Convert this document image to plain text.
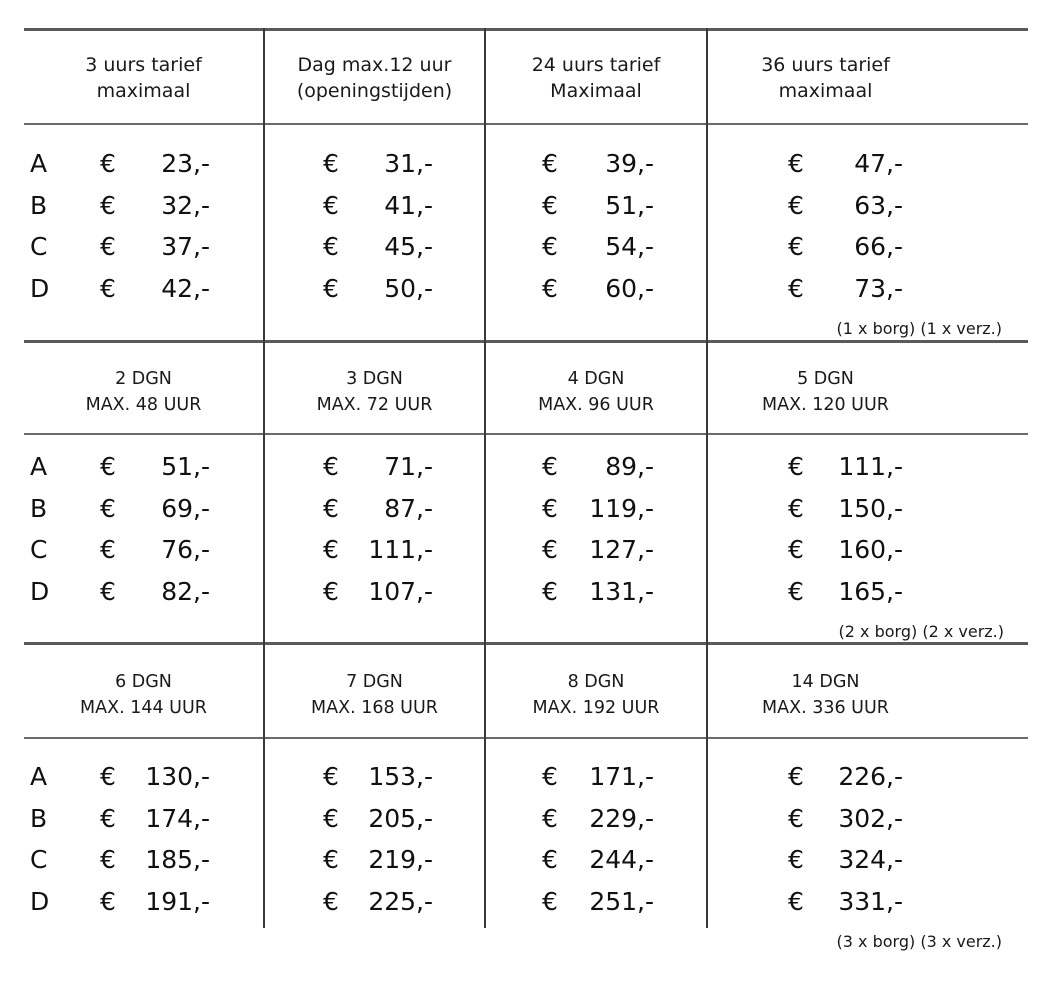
3 uurs tarief
maximaal
Dag max.12 uur
(openingstijden)
24 uurs tarief
Maximaal
36 uurs tarief
maximaal
A
B
C
D
€ 23,-
€ 32,-
€ 37,-
€ 42,-
€ 31,-
€ 41,-
€ 45,-
€ 50,-
€ 39,-
€ 51,-
€ 54,-
€ 60,-
€ 47,-
€ 63,-
€ 66,-
€ 73,-
(1 x borg) (1 x verz.)
2 DGN
MAX. 48 UUR
3 DGN
MAX. 72 UUR
4 DGN
MAX. 96 UUR
5 DGN
MAX. 120 UUR
A
B
C
D
€ 51,-
€ 69,-
€ 76,-
€ 82,-
€ 71,-
€ 87,-
€ 111,-
€ 107,-
€ 89,-
€ 119,-
€ 127,-
€ 131,-
€ 111,-
€ 150,-
€ 160,-
€ 165,-
(2 x borg) (2 x verz.)
6 DGN
MAX. 144 UUR
7 DGN
MAX. 168 UUR
8 DGN
MAX. 192 UUR
14 DGN
MAX. 336 UUR
A
B
C
D
€ 130,-
€ 174,-
€ 185,-
€ 191,-
€ 153,-
€ 205,-
€ 219,-
€ 225,-
€ 171,-
€ 229,-
€ 244,-
€ 251,-
€ 226,-
€ 302,-
€ 324,-
€ 331,-
(3 x borg) (3 x verz.)
